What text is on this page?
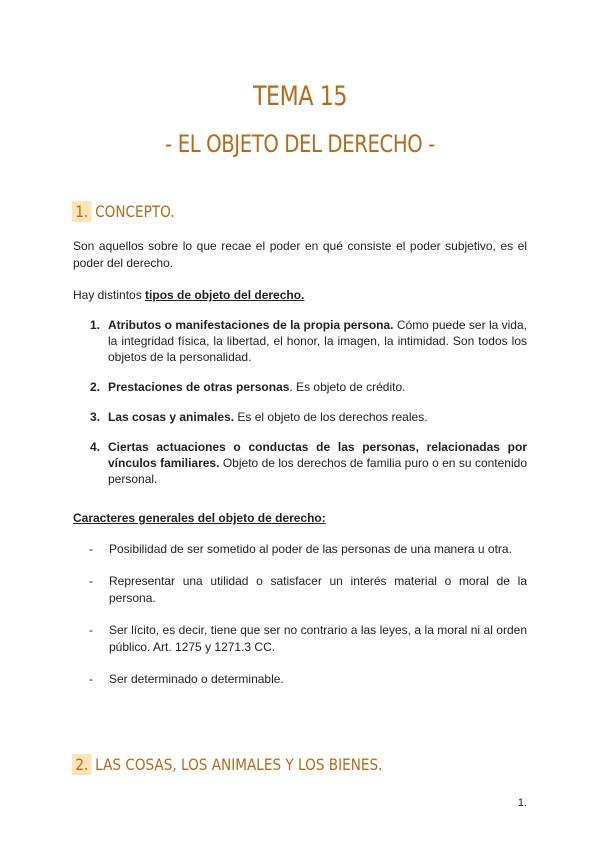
TEMA 15
- EL OBJETO DEL DERECHO -
1. CONCEPTO.
Son aquellos sobre lo que recae el poder en qué consiste el poder subjetivo, es el poder del derecho.
Hay distintos tipos de objeto del derecho.
1. Atributos o manifestaciones de la propia persona. Cómo puede ser la vida, la integridad física, la libertad, el honor, la imagen, la intimidad. Son todos los objetos de la personalidad.
2. Prestaciones de otras personas. Es objeto de crédito.
3. Las cosas y animales. Es el objeto de los derechos reales.
4. Ciertas actuaciones o conductas de las personas, relacionadas por vínculos familiares. Objeto de los derechos de familia puro o en su contenido personal.
Caracteres generales del objeto de derecho:
- Posibilidad de ser sometido al poder de las personas de una manera u otra.
- Representar una utilidad o satisfacer un interés material o moral de la persona.
- Ser lícito, es decir, tiene que ser no contrario a las leyes, a la moral ni al orden público. Art. 1275 y 1271.3 CC.
- Ser determinado o determinable.
2. LAS COSAS, LOS ANIMALES Y LOS BIENES.
1.
